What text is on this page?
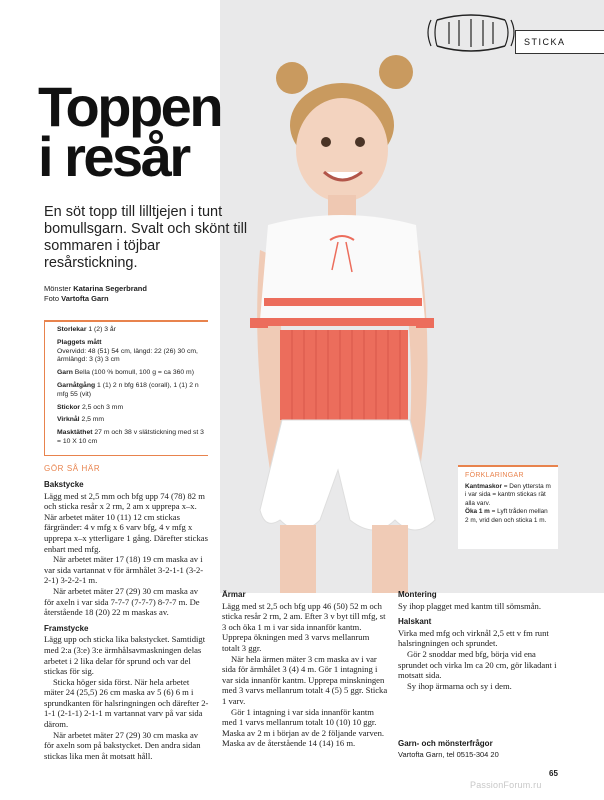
STICKA
Toppen
i resår
En söt topp till lilltjejen i tunt bomullsgarn. Svalt och skönt till sommaren i töjbar resårstickning.
Mönster Katarina Segerbrand
Foto Vartofta Garn

Storlekar 1 (2) 3 år

Plaggets mått
Overvidd: 48 (51) 54 cm, längd: 22 (26) 30 cm, ärmlängd: 3 (3) 3 cm

Garn Bella (100 % bomull, 100 g = ca 360 m)

Garnåtgång 1 (1) 2 n bfg 618 (corall), 1 (1) 2 n mfg 55 (vit)

Stickor 2,5 och 3 mm

Virknål 2,5 mm

Masktäthet 27 m och 38 v slätstickning med st 3 = 10 X 10 cm

GÖR SÅ HÄR
Bakstycke

Lägg med st 2,5 mm och bfg upp 74 (78) 82 m och sticka resår x 2 rm, 2 am x upprepa x–x. När arbetet mäter 10 (11) 12 cm stickas färgränder: 4 v mfg x 6 varv bfg, 4 v mfg x upprepa x–x ytterligare 1 gång. Därefter stickas enbart med mfg.

När arbetet mäter 17 (18) 19 cm maska av i var sida vartannat v för ärmhålet 3-2-1-1 (3-2-2-1) 3-2-2-1 m.

När arbetet mäter 27 (29) 30 cm maska av för axeln i var sida 7-7-7 (7-7-7) 8-7-7 m. De återstående 18 (20) 22 m maskas av.

Framstycke

Lägg upp och sticka lika bakstycket. Samtidigt med 2:a (3:e) 3:e ärmhålsavmaskningen delas arbetet i 2 lika delar för sprund och var del stickas för sig.

Sticka höger sida först. När hela arbetet mäter 24 (25,5) 26 cm maska av 5 (6) 6 m i sprundkanten för halsringningen och därefter 2-1-1 (2-1-1) 2-1-1 m vartannat varv på var sida därom.

När arbetet mäter 27 (29) 30 cm maska av för axeln som på bakstycket. Den andra sidan stickas lika men åt motsatt håll.

Ärmar

Lägg med st 2,5 och bfg upp 46 (50) 52 m och sticka resår 2 rm, 2 am. Efter 3 v byt till mfg, st 3 och öka 1 m i var sida innanför kantm. Upprepa ökningen med 3 varvs mellanrum totalt 3 ggr.

När hela ärmen mäter 3 cm maska av i var sida för ärmhålet 3 (4) 4 m. Gör 1 intagning i var sida innanför kantm. Upprepa minskningen med 3 varvs mellanrum totalt 4 (5) 5 ggr. Sticka 1 varv.

Gör 1 intagning i var sida innanför kantm med 1 varvs mellanrum totalt 10 (10) 10 ggr. Maska av 2 m i början av de 2 följande varven. Maska av de återstående 14 (14) 16 m.

Montering

Sy ihop plagget med kantm till sömsmån.

Halskant

Virka med mfg och virknål 2,5 ett v fm runt halsringningen och sprundet.

Gör 2 snoddar med bfg, börja vid ena sprundet och virka lm ca 20 cm, gör likadant i motsatt sida.

Sy ihop ärmarna och sy i dem.

Garn- och mönsterfrågor

Vartofta Garn, tel 0515-304 20

FÖRKLARINGAR
Kantmaskor = Den yttersta m i var sida = kantm stickas rät alla varv.
Öka 1 m = Lyft tråden mellan 2 m, vrid den och sticka 1 m.
65
PassionForum.ru
